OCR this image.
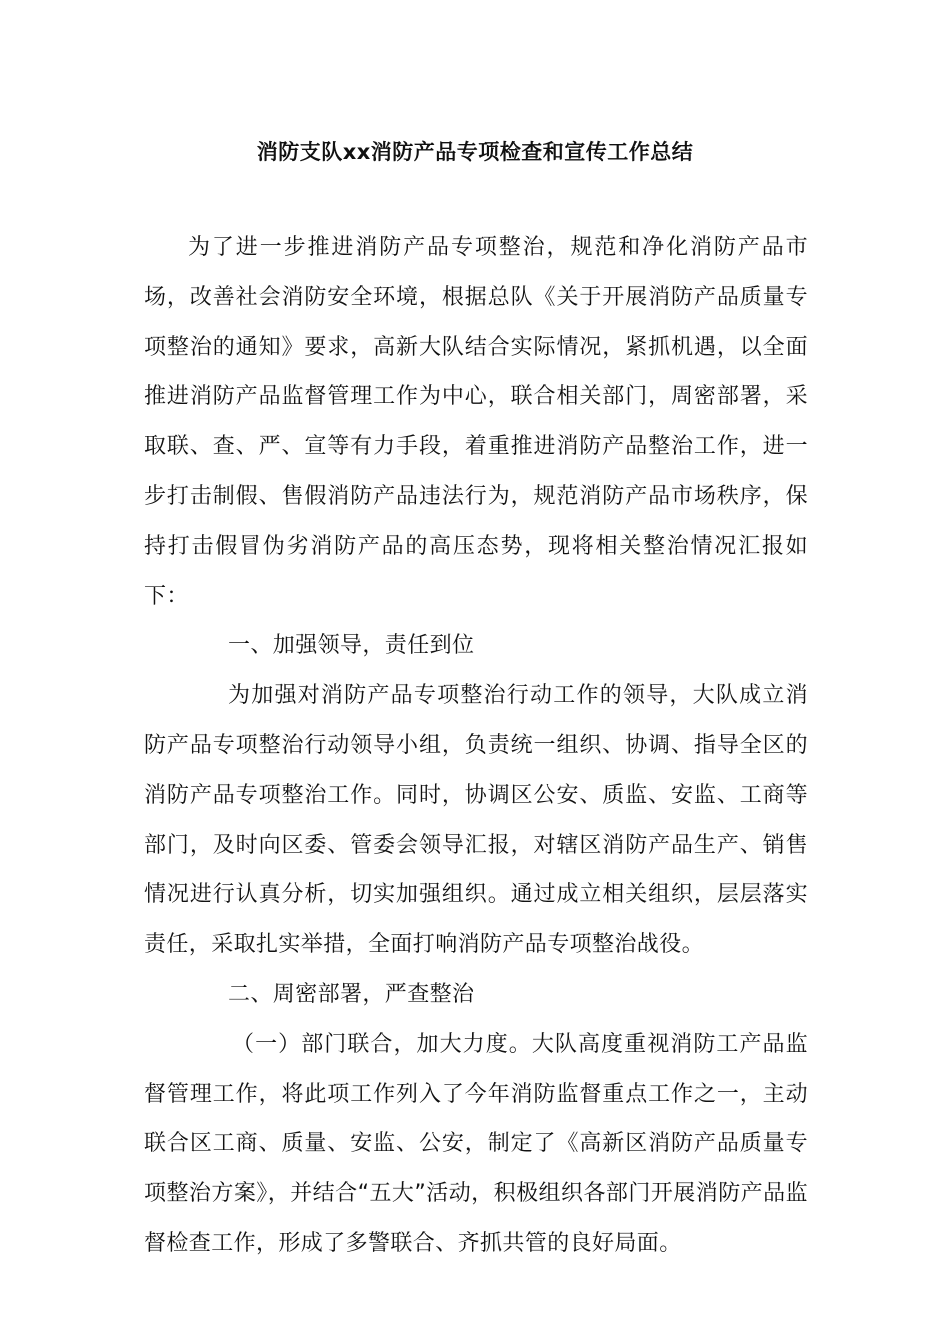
消防支队xx消防产品专项检查和宣传工作总结

为了进一步推进消防产品专项整治，规范和净化消防产品市场，改善社会消防安全环境，根据总队《关于开展消防产品质量专项整治的通知》要求，高新大队结合实际情况，紧抓机遇，以全面推进消防产品监督管理工作为中心，联合相关部门，周密部署，采取联、查、严、宣等有力手段，着重推进消防产品整治工作，进一步打击制假、售假消防产品违法行为，规范消防产品市场秩序，保持打击假冒伪劣消防产品的高压态势，现将相关整治情况汇报如下：

一、加强领导，责任到位

为加强对消防产品专项整治行动工作的领导，大队成立消防产品专项整治行动领导小组，负责统一组织、协调、指导全区的消防产品专项整治工作。同时，协调区公安、质监、安监、工商等部门，及时向区委、管委会领导汇报，对辖区消防产品生产、销售情况进行认真分析，切实加强组织。通过成立相关组织，层层落实责任，采取扎实举措，全面打响消防产品专项整治战役。

二、周密部署，严查整治

（一）部门联合，加大力度。大队高度重视消防工产品监督管理工作，将此项工作列入了今年消防监督重点工作之一，主动联合区工商、质量、安监、公安，制定了《高新区消防产品质量专项整治方案》，并结合“五大”活动，积极组织各部门开展消防产品监督检查工作，形成了多警联合、齐抓共管的良好局面。
